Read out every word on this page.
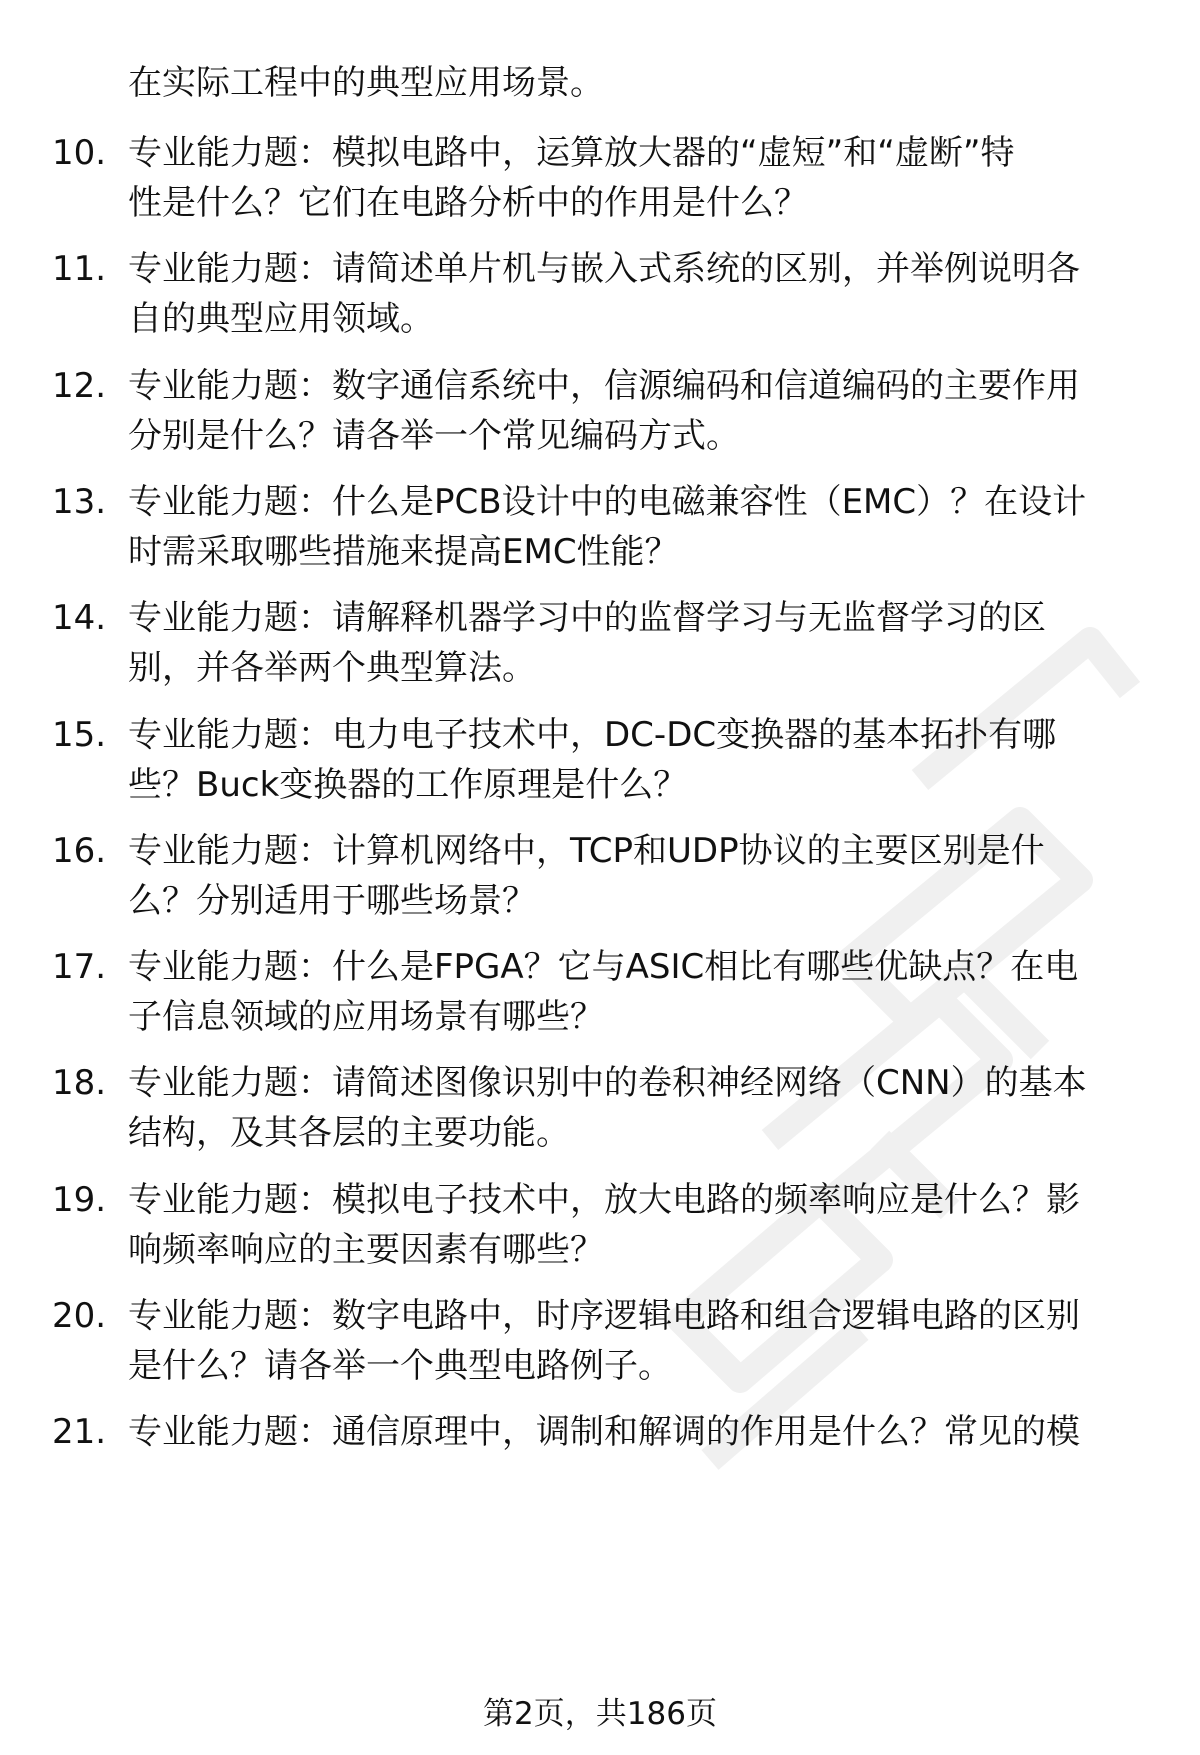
在实际工程中的典型应用场景。
10. 专业能力题：模拟电路中，运算放大器的“虚短”和“虚断”特
性是什么？它们在电路分析中的作用是什么？
11. 专业能力题：请简述单片机与嵌入式系统的区别，并举例说明各
自的典型应用领域。
12. 专业能力题：数字通信系统中，信源编码和信道编码的主要作用
分别是什么？请各举一个常见编码方式。
13. 专业能力题：什么是PCB设计中的电磁兼容性（EMC）？在设计
时需采取哪些措施来提高EMC性能？
14. 专业能力题：请解释机器学习中的监督学习与无监督学习的区
别，并各举两个典型算法。
15. 专业能力题：电力电子技术中，DC-DC变换器的基本拓扑有哪
些？Buck变换器的工作原理是什么？
16. 专业能力题：计算机网络中，TCP和UDP协议的主要区别是什
么？分别适用于哪些场景？
17. 专业能力题：什么是FPGA？它与ASIC相比有哪些优缺点？在电
子信息领域的应用场景有哪些？
18. 专业能力题：请简述图像识别中的卷积神经网络（CNN）的基本
结构，及其各层的主要功能。
19. 专业能力题：模拟电子技术中，放大电路的频率响应是什么？影
响频率响应的主要因素有哪些？
20. 专业能力题：数字电路中，时序逻辑电路和组合逻辑电路的区别
是什么？请各举一个典型电路例子。
21. 专业能力题：通信原理中，调制和解调的作用是什么？常见的模
第2页，共186页
